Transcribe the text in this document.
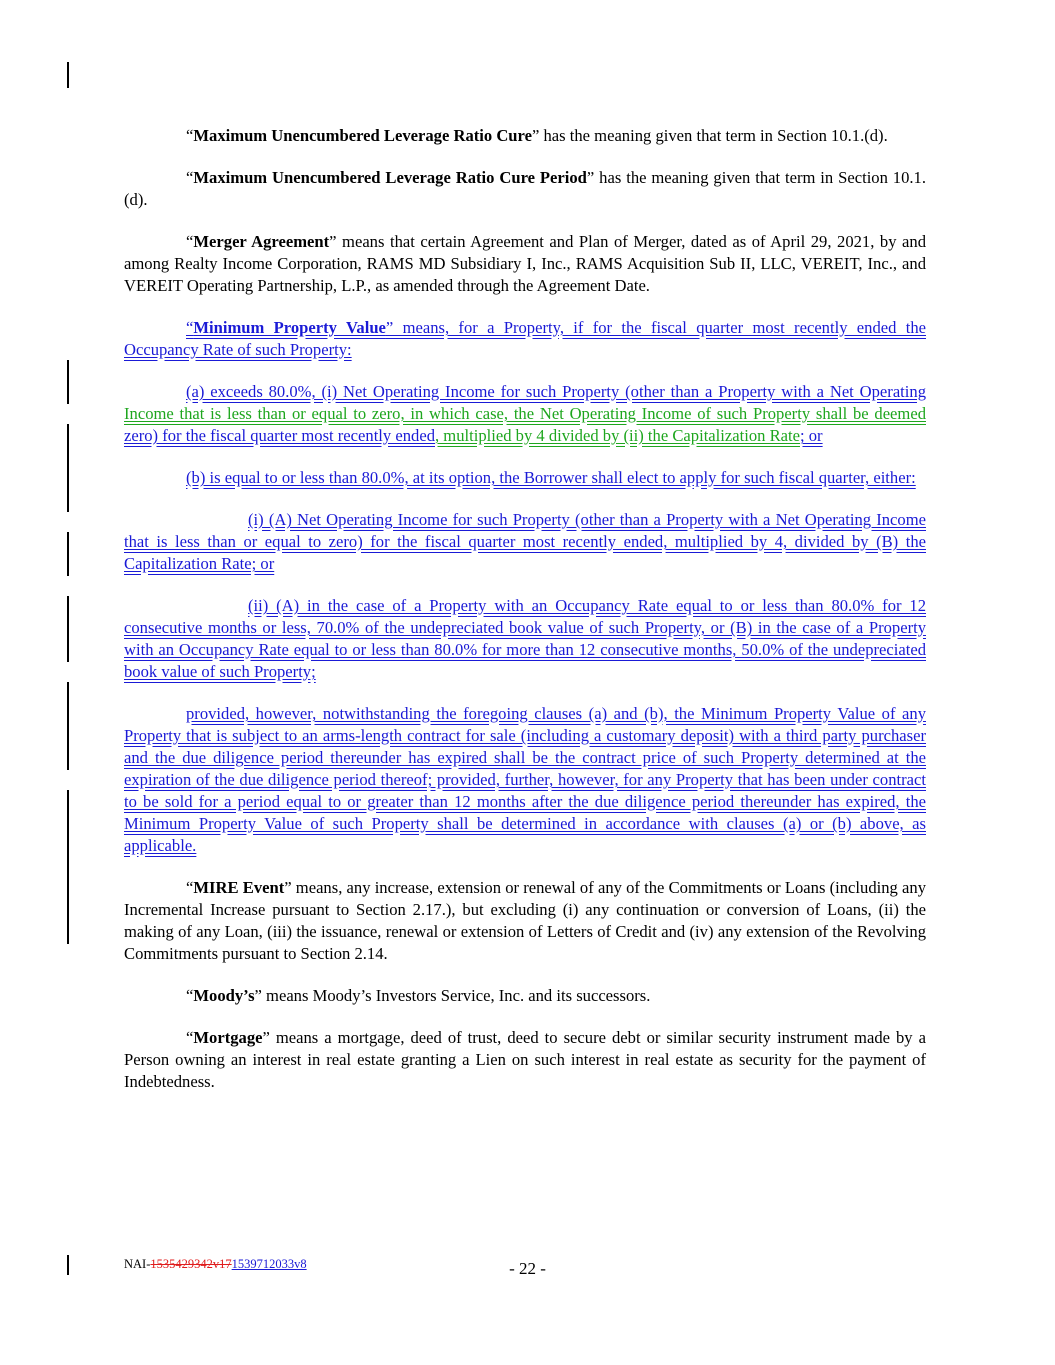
“Maximum Unencumbered Leverage Ratio Cure” has the meaning given that term in Section 10.1.(d).

“Maximum Unencumbered Leverage Ratio Cure Period” has the meaning given that term in Section 10.1.(d).

“Merger Agreement” means that certain Agreement and Plan of Merger, dated as of April 29, 2021, by and among Realty Income Corporation, RAMS MD Subsidiary I, Inc., RAMS Acquisition Sub II, LLC, VEREIT, Inc., and VEREIT Operating Partnership, L.P., as amended through the Agreement Date.

“Minimum Property Value” means, for a Property, if for the fiscal quarter most recently ended the Occupancy Rate of such Property:

(a) exceeds 80.0%, (i) Net Operating Income for such Property (other than a Property with a Net Operating Income that is less than or equal to zero, in which case, the Net Operating Income of such Property shall be deemed zero) for the fiscal quarter most recently ended, multiplied by 4 divided by (ii) the Capitalization Rate; or

(b) is equal to or less than 80.0%, at its option, the Borrower shall elect to apply for such fiscal quarter, either:

(i) (A) Net Operating Income for such Property (other than a Property with a Net Operating Income that is less than or equal to zero) for the fiscal quarter most recently ended, multiplied by 4, divided by (B) the Capitalization Rate; or

(ii) (A) in the case of a Property with an Occupancy Rate equal to or less than 80.0% for 12 consecutive months or less, 70.0% of the undepreciated book value of such Property, or (B) in the case of a Property with an Occupancy Rate equal to or less than 80.0% for more than 12 consecutive months, 50.0% of the undepreciated book value of such Property;

provided, however, notwithstanding the foregoing clauses (a) and (b), the Minimum Property Value of any Property that is subject to an arms-length contract for sale (including a customary deposit) with a third party purchaser and the due diligence period thereunder has expired shall be the contract price of such Property determined at the expiration of the due diligence period thereof; provided, further, however, for any Property that has been under contract to be sold for a period equal to or greater than 12 months after the due diligence period thereunder has expired, the Minimum Property Value of such Property shall be determined in accordance with clauses (a) or (b) above, as applicable.

“MIRE Event” means, any increase, extension or renewal of any of the Commitments or Loans (including any Incremental Increase pursuant to Section 2.17.), but excluding (i) any continuation or conversion of Loans, (ii) the making of any Loan, (iii) the issuance, renewal or extension of Letters of Credit and (iv) any extension of the Revolving Commitments pursuant to Section 2.14.

“Moody’s” means Moody’s Investors Service, Inc. and its successors.

“Mortgage” means a mortgage, deed of trust, deed to secure debt or similar security instrument made by a Person owning an interest in real estate granting a Lien on such interest in real estate as security for the payment of Indebtedness.

NAI-1535429342v171539712033v8	- 22 -
